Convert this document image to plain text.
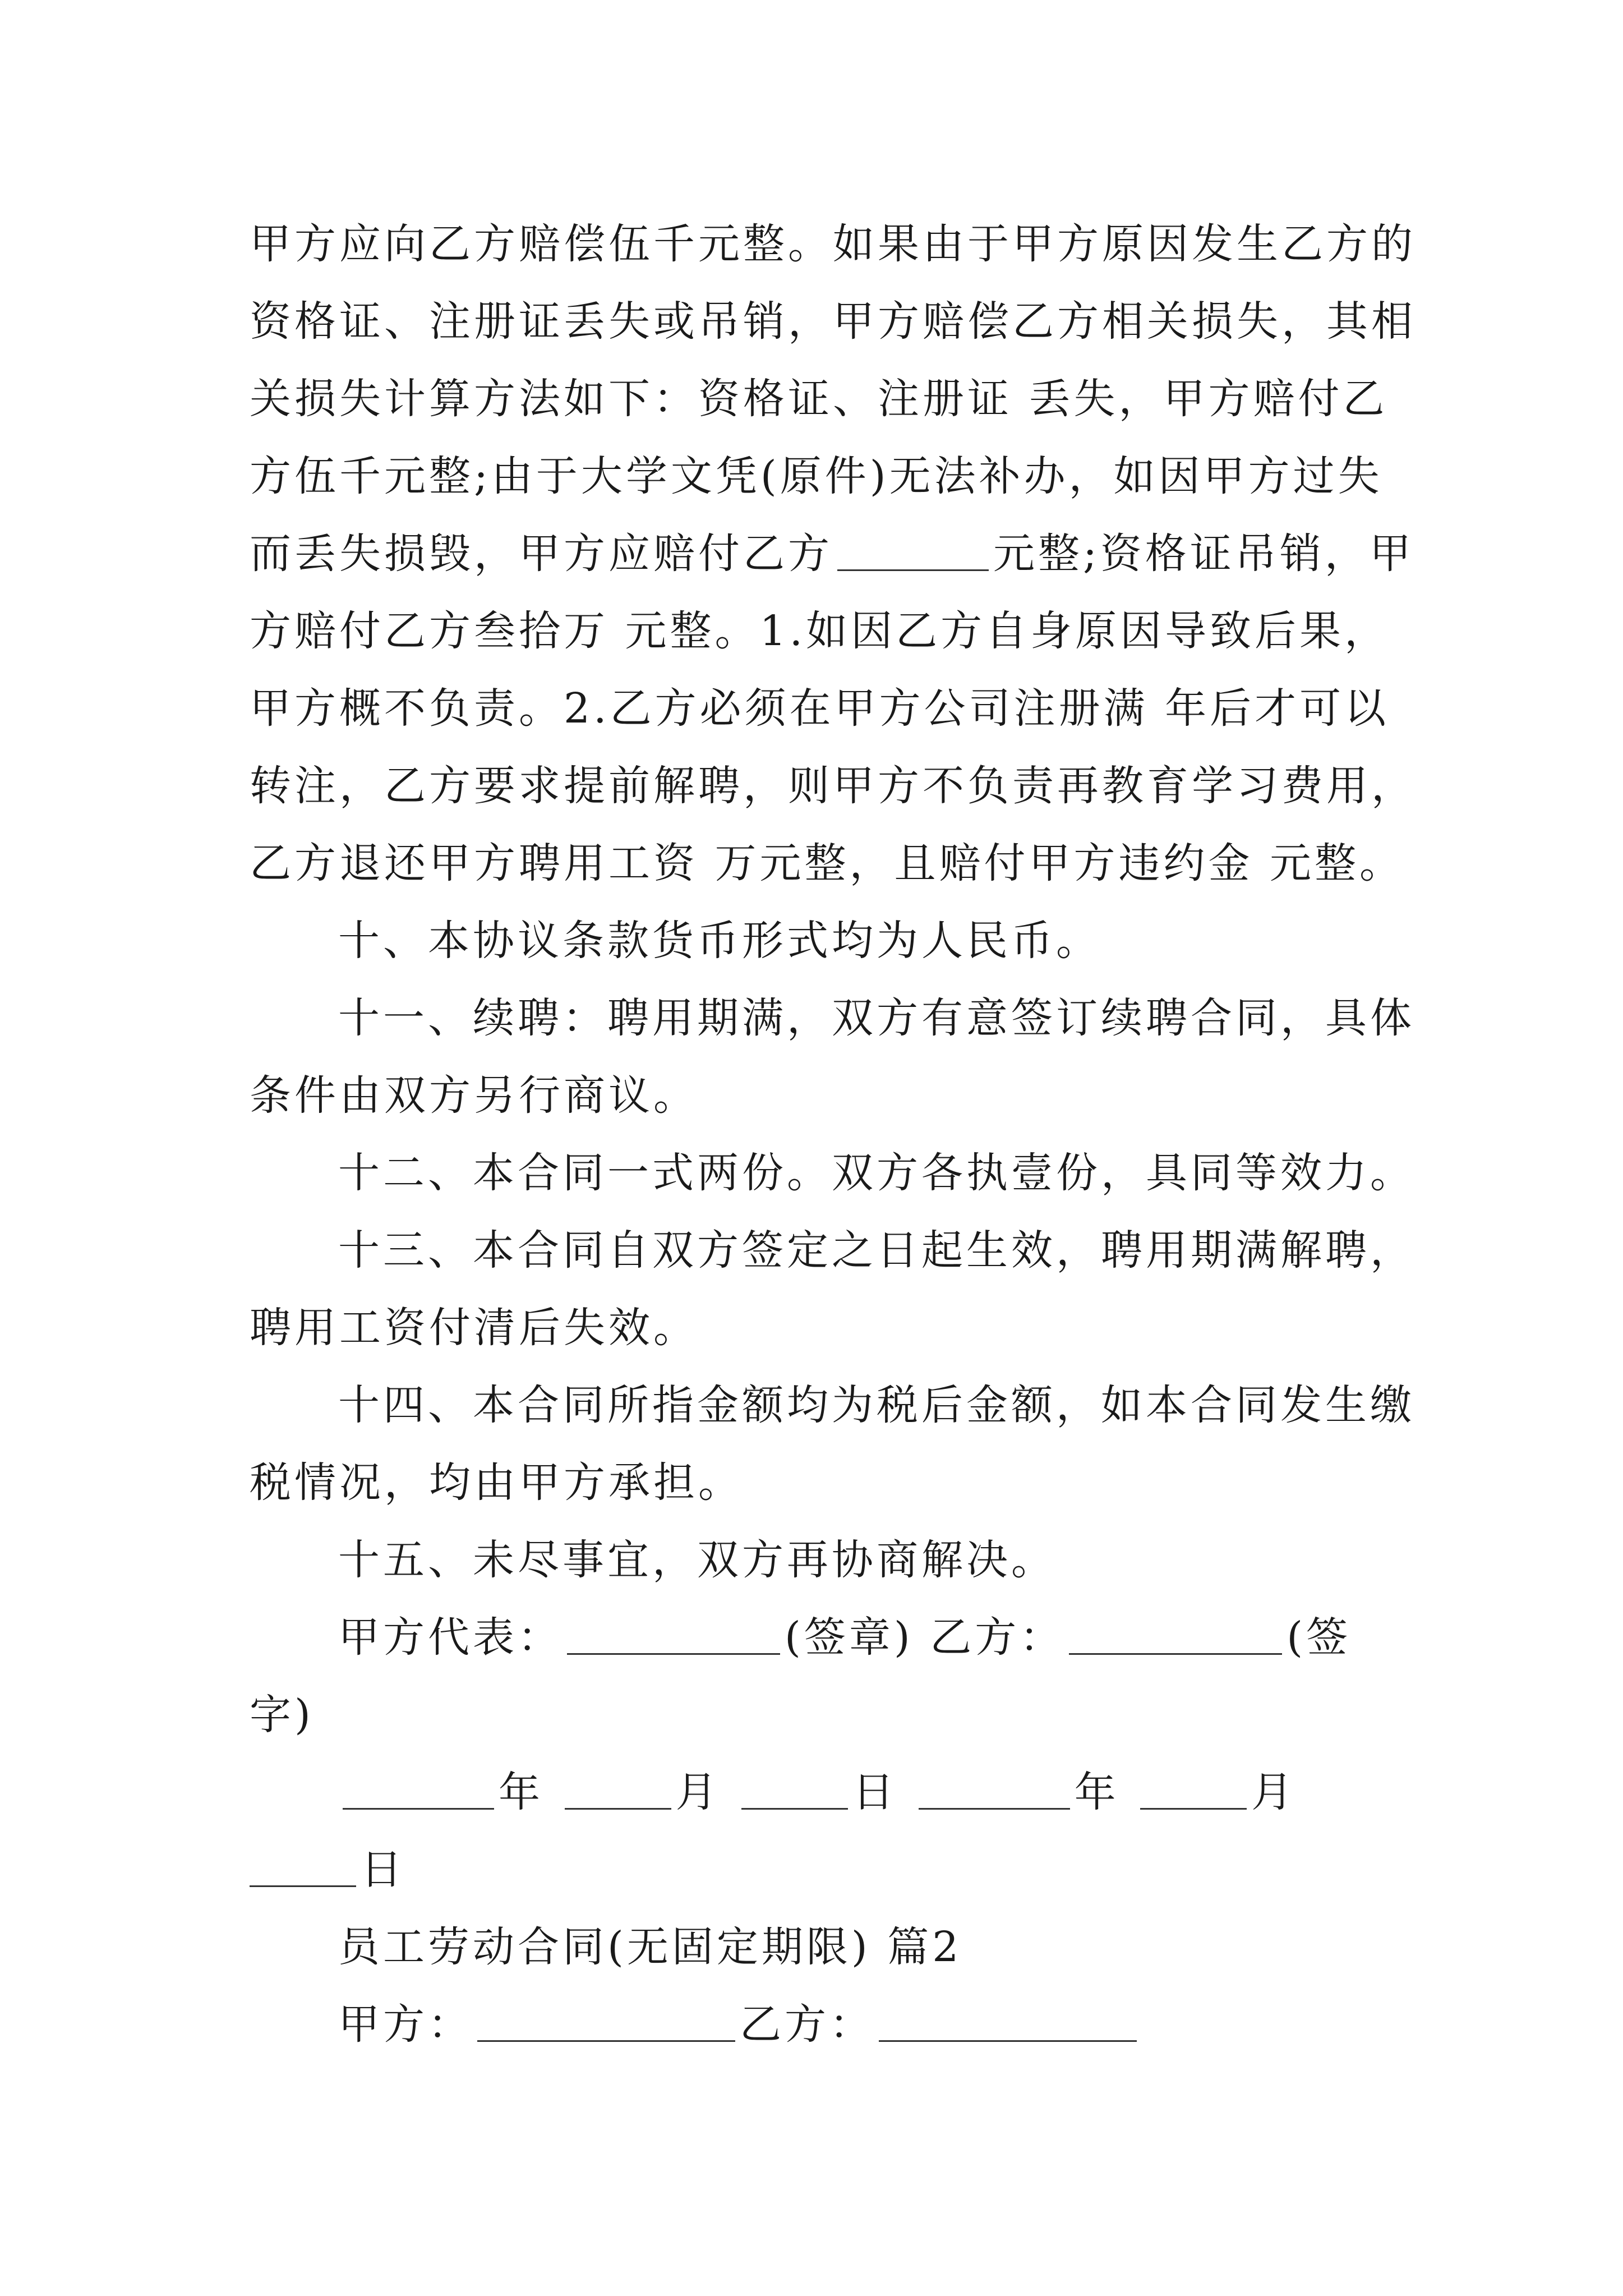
甲方应向乙方赔偿伍千元整。如果由于甲方原因发生乙方的
资格证、注册证丢失或吊销，甲方赔偿乙方相关损失，其相
关损失计算方法如下：资格证、注册证 丢失，甲方赔付乙
方伍千元整;由于大学文凭(原件)无法补办，如因甲方过失
而丢失损毁，甲方应赔付乙方	元整;资格证吊销，甲
方赔付乙方叁拾万 元整。1.如因乙方自身原因导致后果，
甲方概不负责。2.乙方必须在甲方公司注册满 年后才可以
转注，乙方要求提前解聘，则甲方不负责再教育学习费用，
乙方退还甲方聘用工资 万元整，且赔付甲方违约金 元整。
十、本协议条款货币形式均为人民币。
十一、续聘：聘用期满，双方有意签订续聘合同，具体
条件由双方另行商议。
十二、本合同一式两份。双方各执壹份，具同等效力。
十三、本合同自双方签定之日起生效，聘用期满解聘，
聘用工资付清后失效。
十四、本合同所指金额均为税后金额，如本合同发生缴
税情况，均由甲方承担。
十五、未尽事宜，双方再协商解决。
甲方代表：	(签章) 乙方：	(签
字)
年	月	日	年	月
日
员工劳动合同(无固定期限) 篇2
甲方：	乙方：
